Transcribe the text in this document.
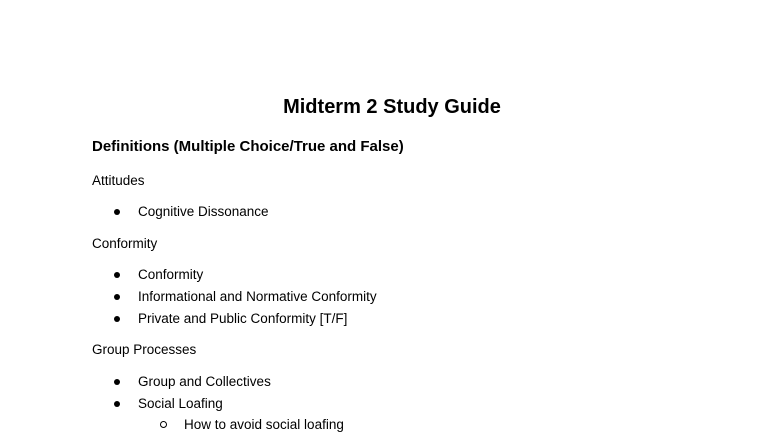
Midterm 2 Study Guide
Definitions (Multiple Choice/True and False)
Attitudes
Cognitive Dissonance
Conformity
Conformity
Informational and Normative Conformity
Private and Public Conformity [T/F]
Group Processes
Group and Collectives
Social Loafing
How to avoid social loafing
